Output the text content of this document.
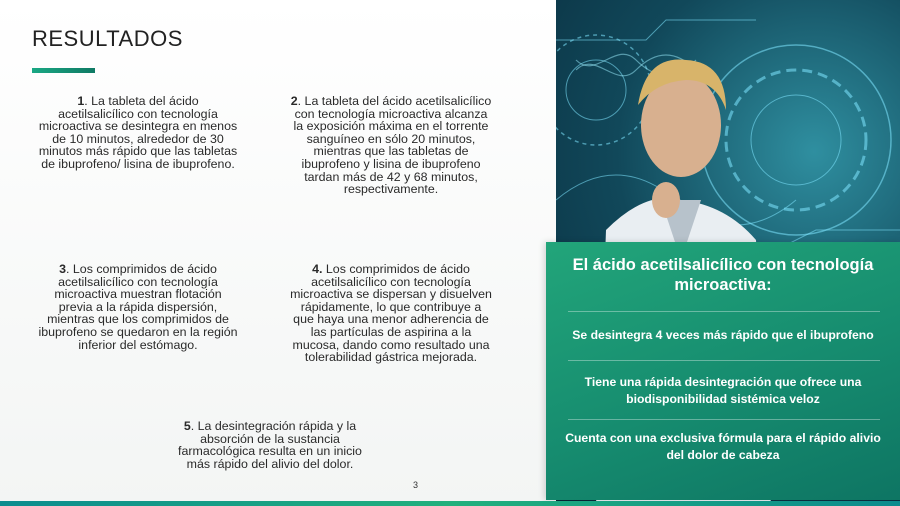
RESULTADOS
1. La tableta del ácido acetilsalicílico con tecnología microactiva se desintegra en menos de 10 minutos, alrededor de 30 minutos más rápido que las tabletas de ibuprofeno/ lisina de ibuprofeno.
2. La tableta del ácido acetilsalicílico con tecnología microactiva alcanza la exposición máxima en el torrente sanguíneo en sólo 20 minutos, mientras que las tabletas de ibuprofeno y lisina de ibuprofeno tardan más de 42 y 68 minutos, respectivamente.
3. Los comprimidos de ácido acetilsalicílico con tecnología microactiva muestran flotación previa a la rápida dispersión, mientras que los comprimidos de ibuprofeno se quedaron en la región inferior del estómago.
4. Los comprimidos de ácido acetilsalicílico con tecnología microactiva se dispersan y disuelven rápidamente, lo que contribuye a que haya una menor adherencia de las partículas de aspirina a la mucosa, dando como resultado una tolerabilidad gástrica mejorada.
5. La desintegración rápida y la absorción de la sustancia farmacológica resulta en un inicio más rápido del alivio del dolor.
3
El ácido acetilsalicílico con tecnología microactiva:
Se desintegra 4 veces más rápido que el ibuprofeno
Tiene una rápida desintegración que ofrece una biodisponibilidad sistémica veloz
Cuenta con una exclusiva fórmula para el rápido alivio del dolor de cabeza
